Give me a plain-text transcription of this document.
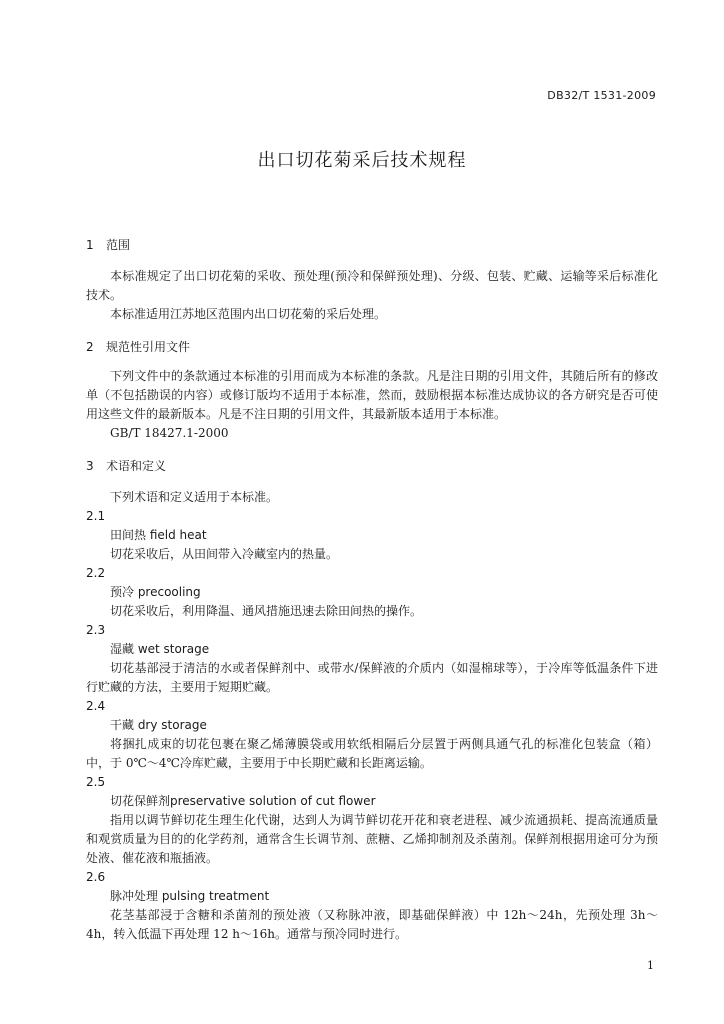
DB32/T 1531-2009
出口切花菊采后技术规程
1 范围

本标准规定了出口切花菊的采收、预处理(预冷和保鲜预处理)、分级、包装、贮藏、运输等采后标准化技术。

本标准适用江苏地区范围内出口切花菊的采后处理。

2 规范性引用文件

下列文件中的条款通过本标准的引用而成为本标准的条款。凡是注日期的引用文件，其随后所有的修改单（不包括勘误的内容）或修订版均不适用于本标准，然而，鼓励根据本标准达成协议的各方研究是否可使用这些文件的最新版本。凡是不注日期的引用文件，其最新版本适用于本标准。

GB/T 18427.1-2000

3 术语和定义

下列术语和定义适用于本标准。

2.1
田间热 field heat

切花采收后，从田间带入冷藏室内的热量。

2.2
预冷 precooling

切花采收后，利用降温、通风措施迅速去除田间热的操作。

2.3
湿藏 wet storage

切花基部浸于清洁的水或者保鲜剂中、或带水/保鲜液的介质内（如湿棉球等），于冷库等低温条件下进行贮藏的方法，主要用于短期贮藏。

2.4
干藏 dry storage

将捆扎成束的切花包裹在聚乙烯薄膜袋或用软纸相隔后分层置于两侧具通气孔的标准化包装盒（箱）中，于 0℃～4℃冷库贮藏，主要用于中长期贮藏和长距离运输。

2.5
切花保鲜剂preservative solution of cut flower

指用以调节鲜切花生理生化代谢，达到人为调节鲜切花开花和衰老进程、减少流通损耗、提高流通质量和观赏质量为目的的化学药剂，通常含生长调节剂、蔗糖、乙烯抑制剂及杀菌剂。保鲜剂根据用途可分为预处液、催花液和瓶插液。

2.6
脉冲处理 pulsing treatment

花茎基部浸于含糖和杀菌剂的预处液（又称脉冲液，即基础保鲜液）中 12h～24h，先预处理 3h～4h，转入低温下再处理 12 h～16h。通常与预冷同时进行。

1
